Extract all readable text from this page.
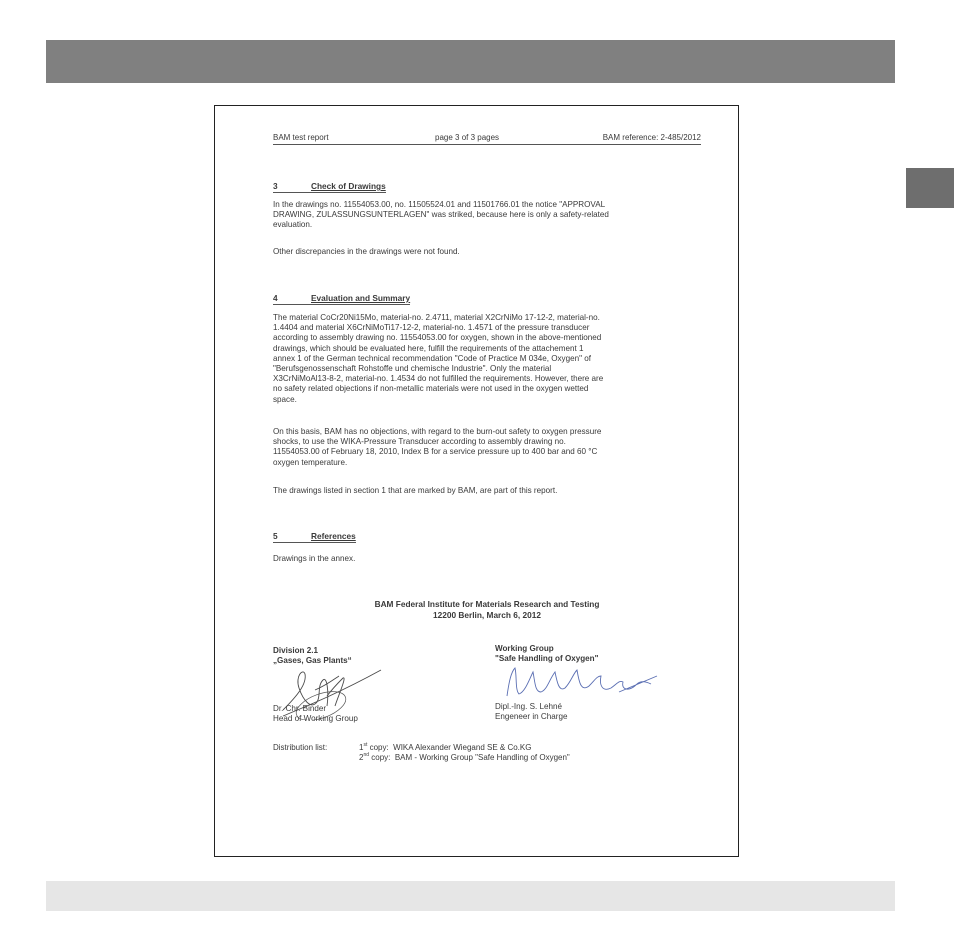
BAM test report	page 3 of 3 pages	BAM reference: 2-485/2012
3	Check of Drawings
In the drawings no. 11554053.00, no. 11505524.01 and 11501766.01 the notice "APPROVAL
DRAWING, ZULASSUNGSUNTERLAGEN" was striked, because here is only a safety-related
evaluation.
Other discrepancies in the drawings were not found.
4	Evaluation and Summary
The material CoCr20Ni15Mo, material-no. 2.4711, material X2CrNiMo 17-12-2, material-no.
1.4404 and material X6CrNiMoTi17-12-2, material-no. 1.4571 of the pressure transducer
according to assembly drawing no. 11554053.00 for oxygen, shown in the above-mentioned
drawings, which should be evaluated here, fulfill the requirements of the attachement 1
annex 1 of the German technical recommendation "Code of Practice M 034e, Oxygen" of
"Berufsgenossenschaft Rohstoffe und chemische Industrie". Only the material
X3CrNiMoAl13-8-2, material-no. 1.4534 do not fulfilled the requirements. However, there are
no safety related objections if non-metallic materials were not used in the oxygen wetted
space.
On this basis, BAM has no objections, with regard to the burn-out safety to oxygen pressure
shocks, to use the WIKA-Pressure Transducer according to assembly drawing no.
11554053.00 of February 18, 2010, Index B for a service pressure up to 400 bar and 60 °C
oxygen temperature.
The drawings listed in section 1 that are marked by BAM, are part of this report.
5	References
Drawings in the annex.
BAM Federal Institute for Materials Research and Testing
12200 Berlin, March 6, 2012
Division 2.1
„Gases, Gas Plants“
Dr. Chr. Binder
Head of Working Group
Working Group
"Safe Handling of Oxygen"
Dipl.-Ing. S. Lehné
Engeneer in Charge
Distribution list:	1st copy: WIKA Alexander Wiegand SE & Co.KG
2nd copy: BAM - Working Group "Safe Handling of Oxygen"
